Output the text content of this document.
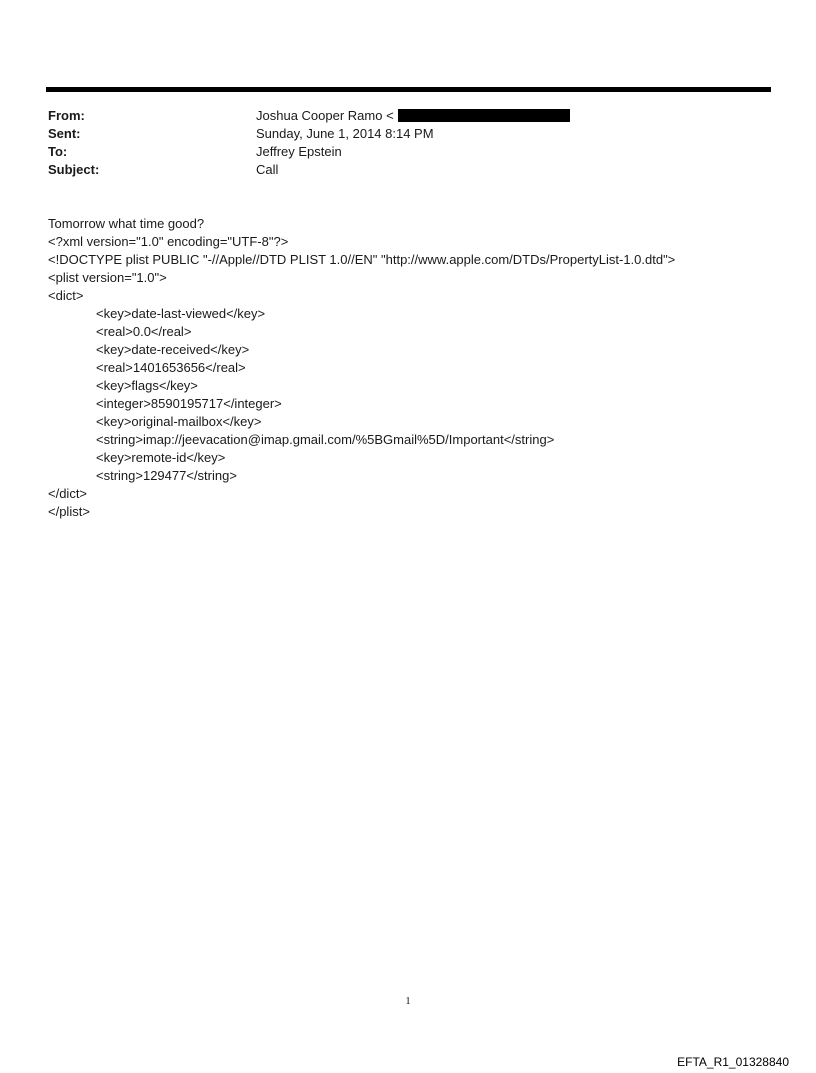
From:	Joshua Cooper Ramo <
Sent:	Sunday, June 1, 2014 8:14 PM
To:	Jeffrey Epstein
Subject:	Call
Tomorrow what time good?
<?xml version="1.0" encoding="UTF-8"?>
<!DOCTYPE plist PUBLIC "-//Apple//DTD PLIST 1.0//EN" "http://www.apple.com/DTDs/PropertyList-1.0.dtd">
<plist version="1.0">
<dict>
<key>date-last-viewed</key>
<real>0.0</real>
<key>date-received</key>
<real>1401653656</real>
<key>flags</key>
<integer>8590195717</integer>
<key>original-mailbox</key>
<string>imap://jeevacation@imap.gmail.com/%5BGmail%5D/Important</string>
<key>remote-id</key>
<string>129477</string>
</dict>
</plist>
1
EFTA_R1_01328840
